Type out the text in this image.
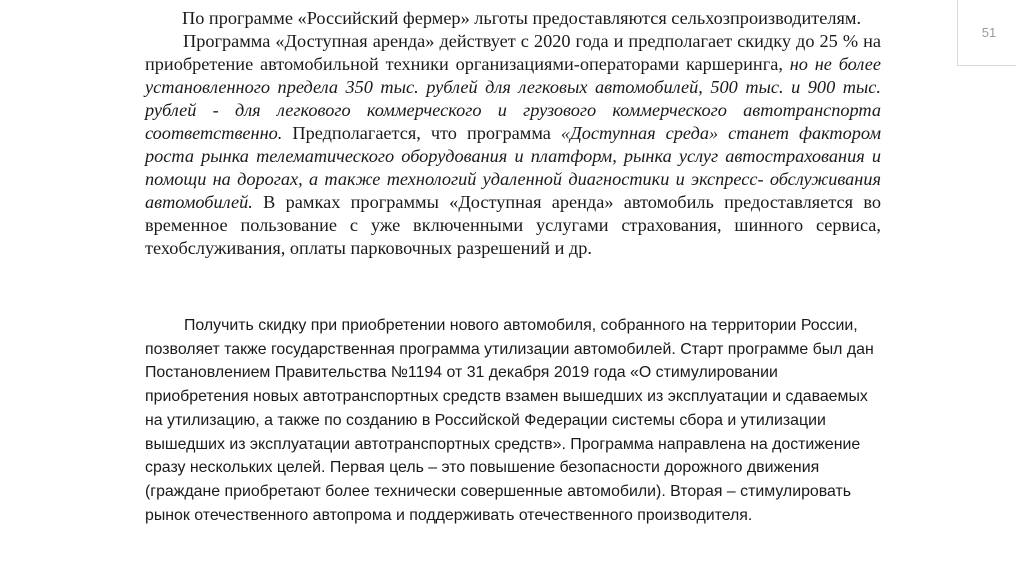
51

По программе «Российский фермер» льготы предоставляются сельхозпроизводителям.

Программа «Доступная аренда» действует с 2020 года и предполагает скидку до 25 % на приобретение автомобильной техники организациями-операторами каршеринга, но не более установленного предела 350 тыс. рублей для легковых автомобилей, 500 тыс. и 900 тыс. рублей - для легкового коммерческого и грузового коммерческого автотранспорта соответственно. Предполагается, что программа «Доступная среда» станет фактором роста рынка телематического оборудования и платформ, рынка услуг автострахования и помощи на дорогах, а также технологий удаленной диагностики и экспресс- обслуживания автомобилей. В рамках программы «Доступная аренда» автомобиль предоставляется во временное пользование с уже включенными услугами страхования, шинного сервиса, техобслуживания, оплаты парковочных разрешений и др.

Получить скидку при приобретении нового автомобиля, собранного на территории России, позволяет также государственная программа утилизации автомобилей. Старт программе был дан Постановлением Правительства №1194 от 31 декабря 2019 года «О стимулировании приобретения новых автотранспортных средств взамен вышедших из эксплуатации и сдаваемых на утилизацию, а также по созданию в Российской Федерации системы сбора и утилизации вышедших из эксплуатации автотранспортных средств». Программа направлена на достижение сразу нескольких целей. Первая цель – это повышение безопасности дорожного движения (граждане приобретают более технически совершенные автомобили). Вторая – стимулировать рынок отечественного автопрома и поддерживать отечественного производителя.
